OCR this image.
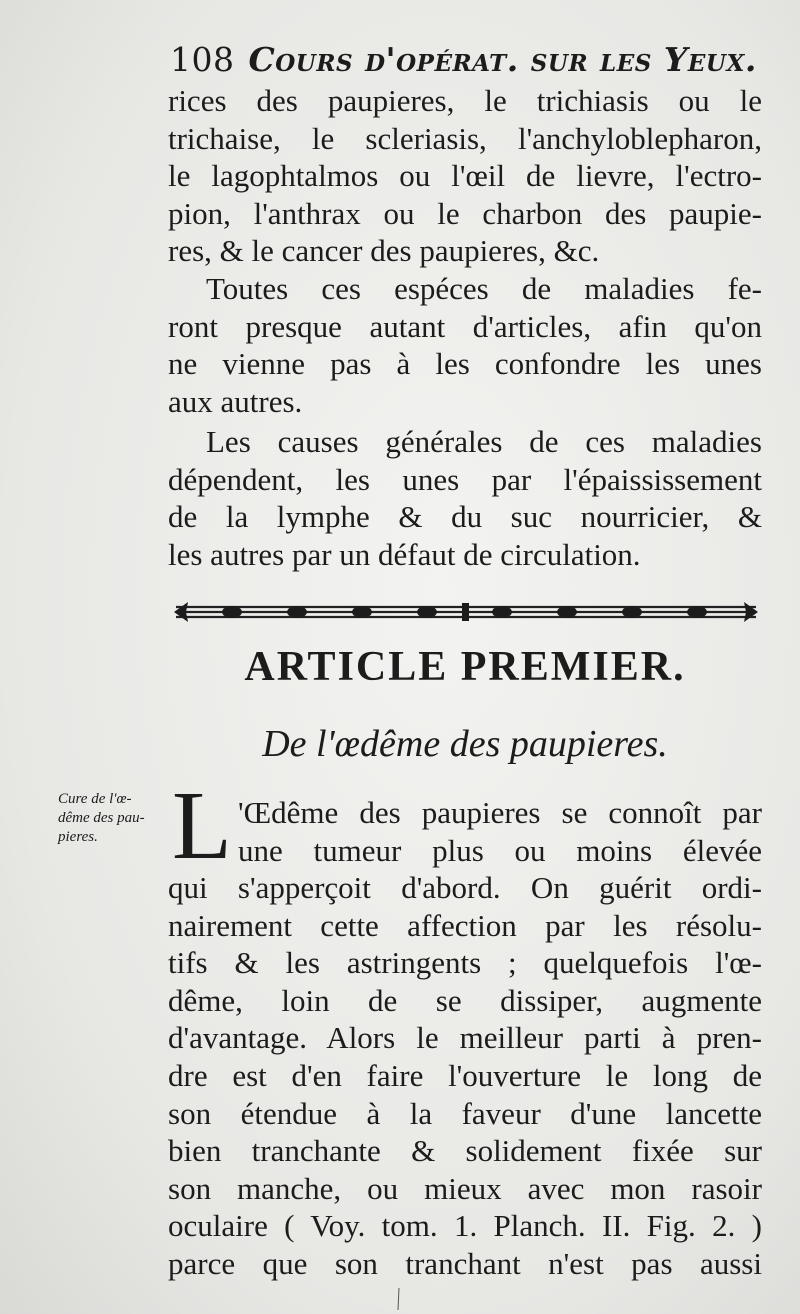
108 Cours d'opérat. sur les Yeux.
rices des paupieres, le trichiasis ou le
trichaise, le scleriasis, l'anchyloblepharon,
le lagophtalmos ou l'œil de lievre, l'ectro-
pion, l'anthrax ou le charbon des paupie-
res, & le cancer des paupieres, &c.
Toutes ces espéces de maladies fe-
ront presque autant d'articles, afin qu'on
ne vienne pas à les confondre les unes
aux autres.
Les causes générales de ces maladies
dépendent, les unes par l'épaississement
de la lymphe & du suc nourricier, &
les autres par un défaut de circulation.
ARTICLE PREMIER.
De l'œdême des paupieres.
Cure de l'œ-
dême des pau-
pieres. L 'Œdême des paupieres se connoît par
une tumeur plus ou moins élevée
qui s'apperçoit d'abord. On guérit ordi-
nairement cette affection par les résolu-
tifs & les astringents ; quelquefois l'œ-
dême, loin de se dissiper, augmente
d'avantage. Alors le meilleur parti à pren-
dre est d'en faire l'ouverture le long de
son étendue à la faveur d'une lancette
bien tranchante & solidement fixée sur
son manche, ou mieux avec mon rasoir
oculaire ( Voy. tom. 1. Planch. II. Fig. 2. )
parce que son tranchant n'est pas aussi
